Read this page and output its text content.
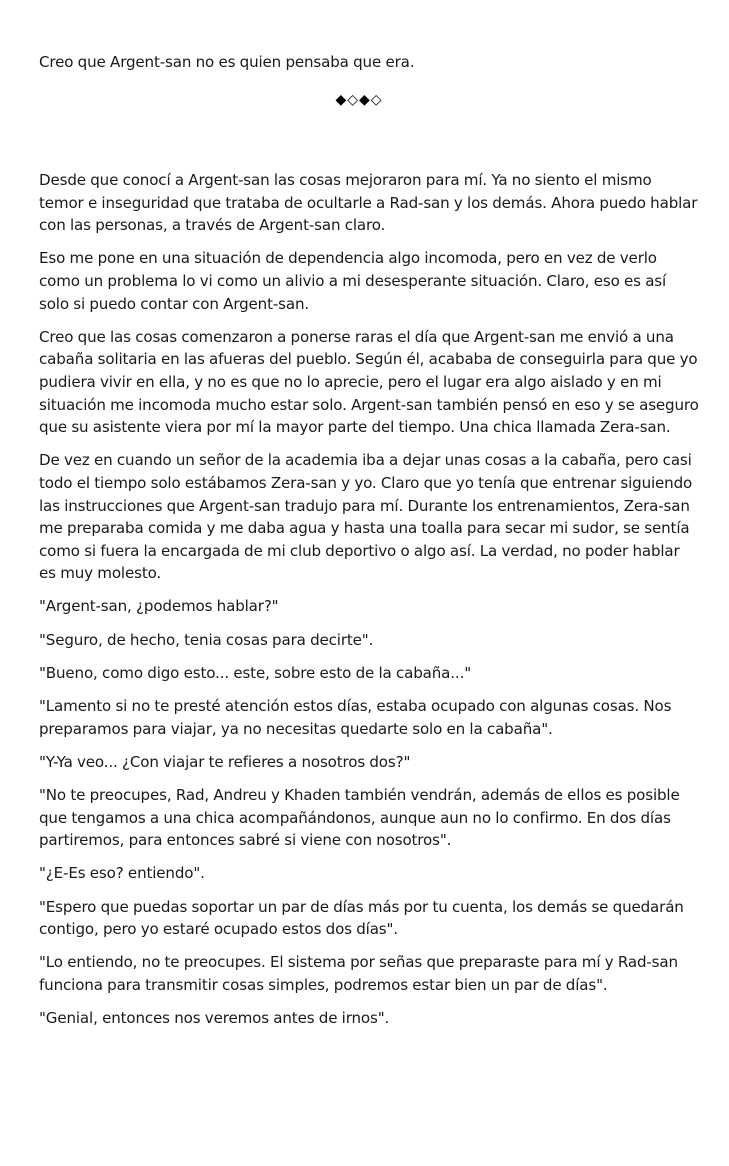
Creo que Argent-san no es quien pensaba que era.

◆◇◆◇

Desde que conocí a Argent-san las cosas mejoraron para mí. Ya no siento el mismo temor e inseguridad que trataba de ocultarle a Rad-san y los demás. Ahora puedo hablar con las personas, a través de Argent-san claro.

Eso me pone en una situación de dependencia algo incomoda, pero en vez de verlo como un problema lo vi como un alivio a mi desesperante situación. Claro, eso es así solo si puedo contar con Argent-san.

Creo que las cosas comenzaron a ponerse raras el día que Argent-san me envió a una cabaña solitaria en las afueras del pueblo. Según él, acababa de conseguirla para que yo pudiera vivir en ella, y no es que no lo aprecie, pero el lugar era algo aislado y en mi situación me incomoda mucho estar solo. Argent-san también pensó en eso y se aseguro que su asistente viera por mí la mayor parte del tiempo. Una chica llamada Zera-san.

De vez en cuando un señor de la academia iba a dejar unas cosas a la cabaña, pero casi todo el tiempo solo estábamos Zera-san y yo. Claro que yo tenía que entrenar siguiendo las instrucciones que Argent-san tradujo para mí. Durante los entrenamientos, Zera-san me preparaba comida y me daba agua y hasta una toalla para secar mi sudor, se sentía como si fuera la encargada de mi club deportivo o algo así. La verdad, no poder hablar es muy molesto.

"Argent-san, ¿podemos hablar?"

"Seguro, de hecho, tenia cosas para decirte".

"Bueno, como digo esto... este, sobre esto de la cabaña..."

"Lamento si no te presté atención estos días, estaba ocupado con algunas cosas. Nos preparamos para viajar, ya no necesitas quedarte solo en la cabaña".

"Y-Ya veo... ¿Con viajar te refieres a nosotros dos?"

"No te preocupes, Rad, Andreu y Khaden también vendrán, además de ellos es posible que tengamos a una chica acompañándonos, aunque aun no lo confirmo. En dos días partiremos, para entonces sabré si viene con nosotros".

"¿E-Es eso? entiendo".

"Espero que puedas soportar un par de días más por tu cuenta, los demás se quedarán contigo, pero yo estaré ocupado estos dos días".

"Lo entiendo, no te preocupes. El sistema por señas que preparaste para mí y Rad-san funciona para transmitir cosas simples, podremos estar bien un par de días".

"Genial, entonces nos veremos antes de irnos".
